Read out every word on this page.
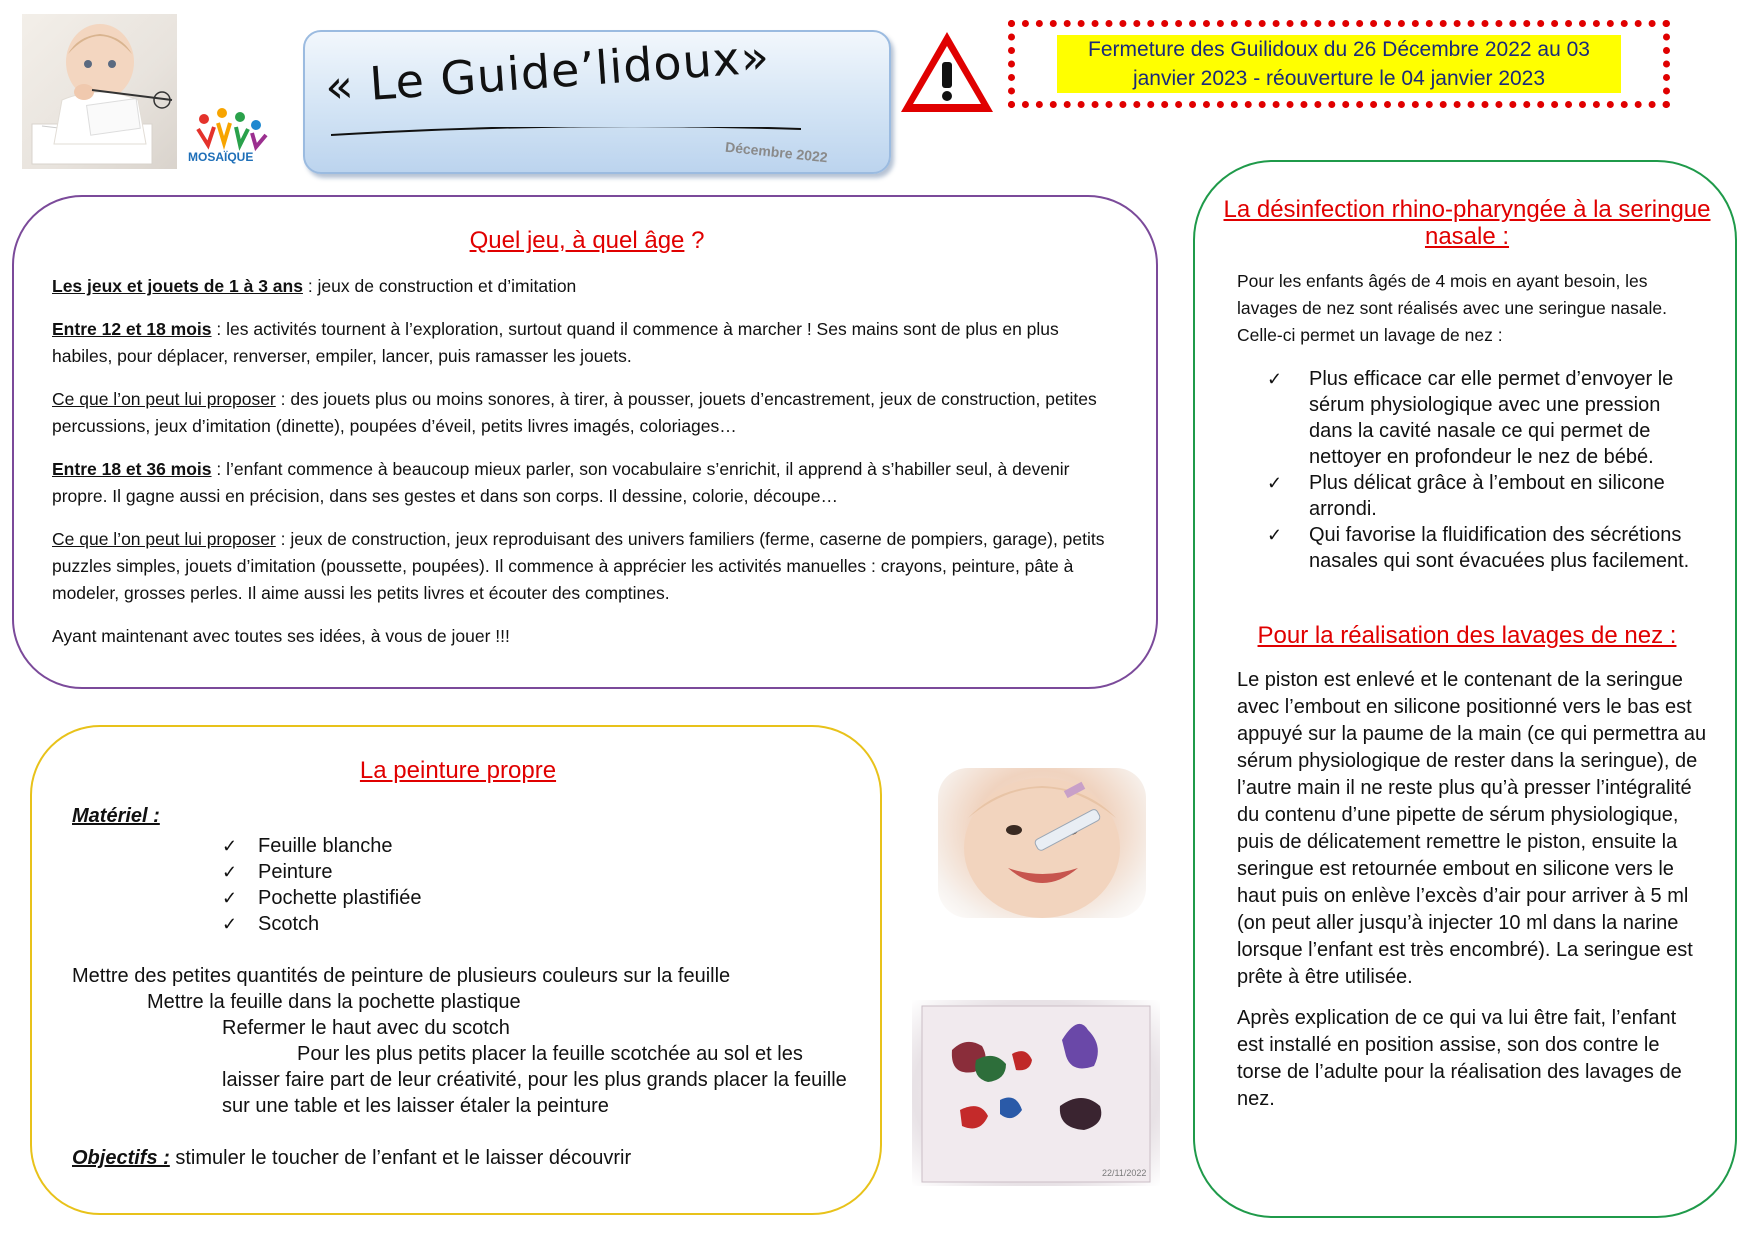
MOSAÏQUE
« Le Guide’lidoux»
Décembre 2022
Fermeture des Guilidoux du 26 Décembre 2022 au 03 janvier 2023 - réouverture le 04 janvier 2023
Quel jeu, à quel âge ?

Les jeux et jouets de 1 à 3 ans : jeux de construction et d’imitation

Entre 12 et 18 mois : les activités tournent à l’exploration, surtout quand il commence à marcher ! Ses mains sont de plus en plus habiles, pour déplacer, renverser, empiler, lancer, puis ramasser les jouets.

Ce que l’on peut lui proposer : des jouets plus ou moins sonores, à tirer, à pousser, jouets d’encastrement, jeux de construction, petites percussions, jeux d’imitation (dinette), poupées d’éveil, petits livres imagés, coloriages…

Entre 18 et 36 mois : l’enfant commence à beaucoup mieux parler, son vocabulaire s’enrichit, il apprend à s’habiller seul, à devenir propre. Il gagne aussi en précision, dans ses gestes et dans son corps. Il dessine, colorie, découpe…

Ce que l’on peut lui proposer : jeux de construction, jeux reproduisant des univers familiers (ferme, caserne de pompiers, garage), petits puzzles simples, jouets d’imitation (poussette, poupées). Il commence à apprécier les activités manuelles : crayons, peinture, pâte à modeler, grosses perles. Il aime aussi les petits livres et écouter des comptines.

Ayant maintenant avec toutes ses idées, à vous de jouer !!!

La peinture propre
Matériel :
✓	Feuille blanche
✓	Peinture
✓	Pochette plastifiée
✓	Scotch
Mettre des petites quantités de peinture de plusieurs couleurs sur la feuille
Mettre la feuille dans la pochette plastique
Refermer le haut avec du scotch
Pour les plus petits placer la feuille scotchée au sol et les laisser faire part de leur créativité, pour les plus grands placer la feuille sur une table et les laisser étaler la peinture
Objectifs : stimuler le toucher de l’enfant et le laisser découvrir
La désinfection rhino-pharyngée à la seringue nasale :
Pour les enfants âgés de 4 mois en ayant besoin, les lavages de nez sont réalisés avec une seringue nasale. Celle-ci permet un lavage de nez :
✓	Plus efficace car elle permet d’envoyer le sérum physiologique avec une pression dans la cavité nasale ce qui permet de nettoyer en profondeur le nez de bébé.
✓	Plus délicat grâce à l’embout en silicone arrondi.
✓	Qui favorise la fluidification des sécrétions nasales qui sont évacuées plus facilement.
Pour la réalisation des lavages de nez :

Le piston est enlevé et le contenant de la seringue avec l’embout en silicone positionné vers le bas est appuyé sur la paume de la main (ce qui permettra au sérum physiologique de rester dans la seringue), de l’autre main il ne reste plus qu’à presser l’intégralité du contenu d’une pipette de sérum physiologique, puis de délicatement remettre le piston, ensuite la seringue est retournée embout en silicone vers le haut puis on enlève l’excès d’air pour arriver à 5 ml (on peut aller jusqu’à injecter 10 ml dans la narine lorsque l’enfant est très encombré). La seringue est prête à être utilisée.

Après explication de ce qui va lui être fait, l’enfant est installé en position assise, son dos contre le torse de l’adulte pour la réalisation des lavages de nez.

22/11/2022
